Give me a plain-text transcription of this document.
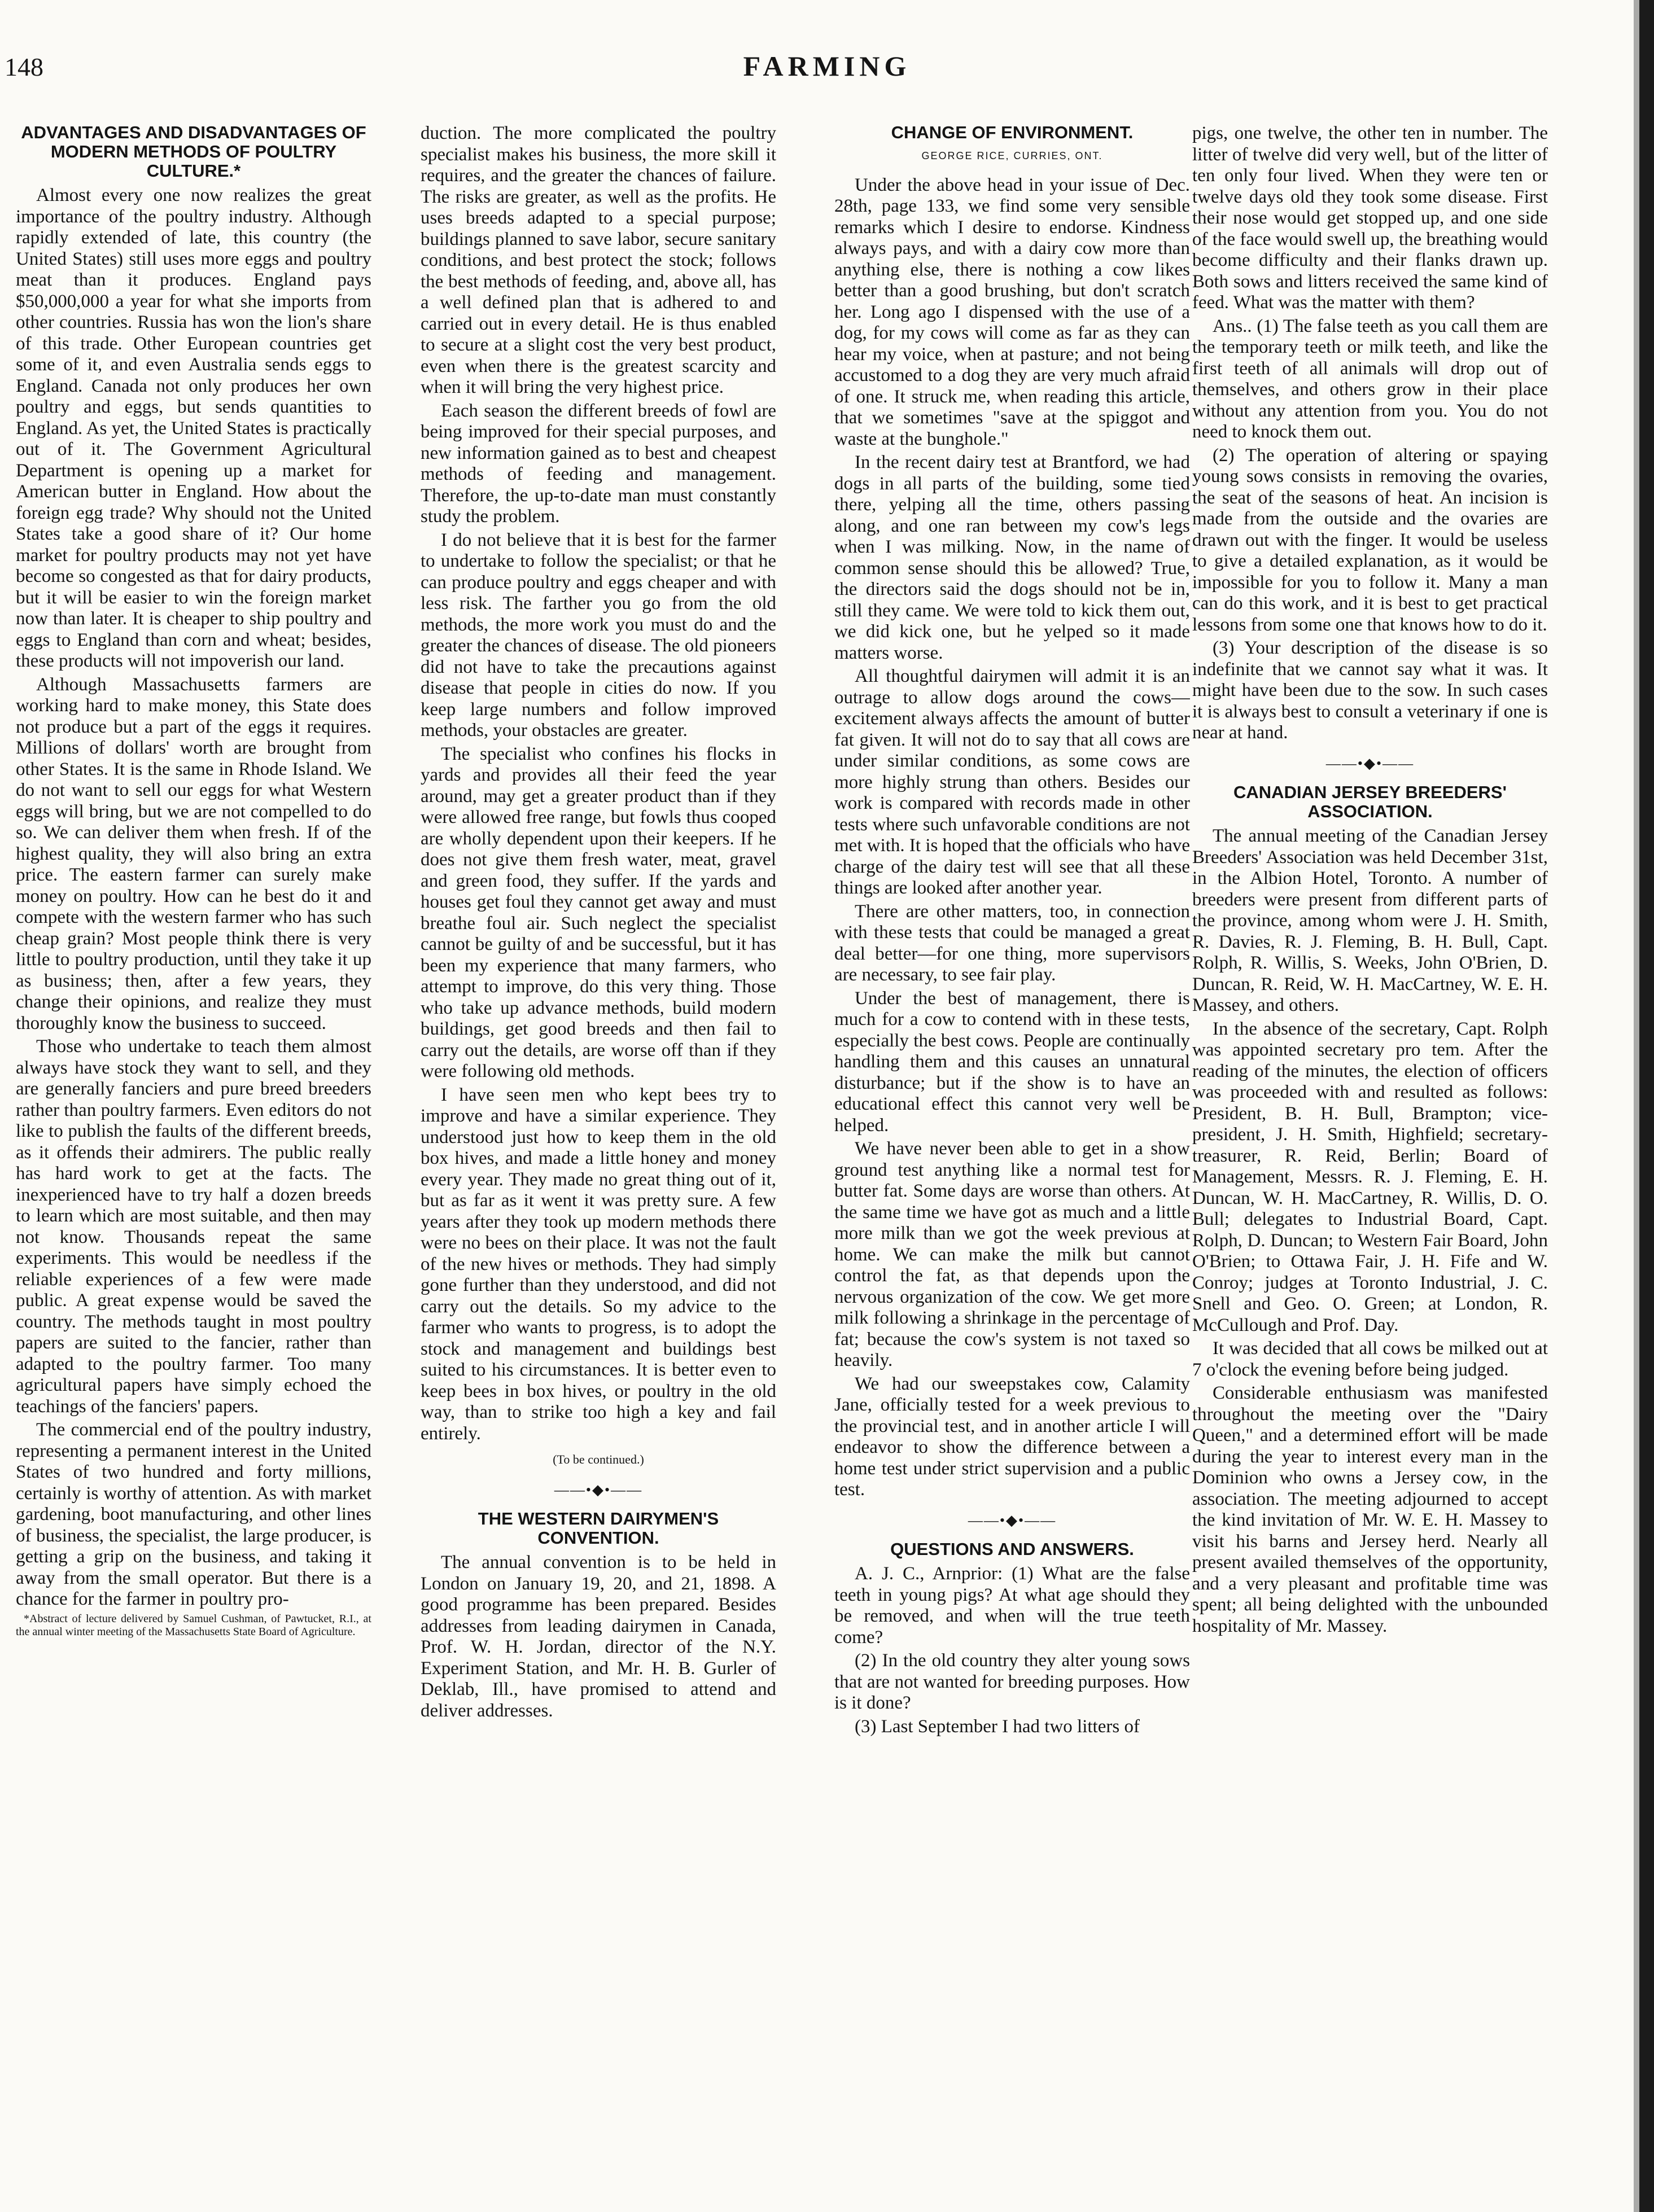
148	FARMING
ADVANTAGES AND DISADVANTAGES OF MODERN METHODS OF POULTRY CULTURE.*

Almost every one now realizes the great importance of the poultry industry. Although rapidly extended of late, this country (the United States) still uses more eggs and poultry meat than it produces. England pays $50,000,000 a year for what she imports from other countries. Russia has won the lion's share of this trade. Other European countries get some of it, and even Australia sends eggs to England. Canada not only produces her own poultry and eggs, but sends quantities to England. As yet, the United States is practically out of it. The Government Agricultural Department is opening up a market for American butter in England. How about the foreign egg trade? Why should not the United States take a good share of it? Our home market for poultry products may not yet have become so congested as that for dairy products, but it will be easier to win the foreign market now than later. It is cheaper to ship poultry and eggs to England than corn and wheat; besides, these products will not impoverish our land.

Although Massachusetts farmers are working hard to make money, this State does not produce but a part of the eggs it requires. Millions of dollars' worth are brought from other States. It is the same in Rhode Island. We do not want to sell our eggs for what Western eggs will bring, but we are not compelled to do so. We can deliver them when fresh. If of the highest quality, they will also bring an extra price. The eastern farmer can surely make money on poultry. How can he best do it and compete with the western farmer who has such cheap grain? Most people think there is very little to poultry production, until they take it up as business; then, after a few years, they change their opinions, and realize they must thoroughly know the business to succeed.

Those who undertake to teach them almost always have stock they want to sell, and they are generally fanciers and pure breed breeders rather than poultry farmers. Even editors do not like to publish the faults of the different breeds, as it offends their admirers. The public really has hard work to get at the facts. The inexperienced have to try half a dozen breeds to learn which are most suitable, and then may not know. Thousands repeat the same experiments. This would be needless if the reliable experiences of a few were made public. A great expense would be saved the country. The methods taught in most poultry papers are suited to the fancier, rather than adapted to the poultry farmer. Too many agricultural papers have simply echoed the teachings of the fanciers' papers.

The commercial end of the poultry industry, representing a permanent interest in the United States of two hundred and forty millions, certainly is worthy of attention. As with market gardening, boot manufacturing, and other lines of business, the specialist, the large producer, is getting a grip on the business, and taking it away from the small operator. But there is a chance for the farmer in poultry pro-

*Abstract of lecture delivered by Samuel Cushman, of Pawtucket, R.I., at the annual winter meeting of the Massachusetts State Board of Agriculture.

duction. The more complicated the poultry specialist makes his business, the more skill it requires, and the greater the chances of failure. The risks are greater, as well as the profits. He uses breeds adapted to a special purpose; buildings planned to save labor, secure sanitary conditions, and best protect the stock; follows the best methods of feeding, and, above all, has a well defined plan that is adhered to and carried out in every detail. He is thus enabled to secure at a slight cost the very best product, even when there is the greatest scarcity and when it will bring the very highest price.

Each season the different breeds of fowl are being improved for their special purposes, and new information gained as to best and cheapest methods of feeding and management. Therefore, the up-to-date man must constantly study the problem.

I do not believe that it is best for the farmer to undertake to follow the specialist; or that he can produce poultry and eggs cheaper and with less risk. The farther you go from the old methods, the more work you must do and the greater the chances of disease. The old pioneers did not have to take the precautions against disease that people in cities do now. If you keep large numbers and follow improved methods, your obstacles are greater.

The specialist who confines his flocks in yards and provides all their feed the year around, may get a greater product than if they were allowed free range, but fowls thus cooped are wholly dependent upon their keepers. If he does not give them fresh water, meat, gravel and green food, they suffer. If the yards and houses get foul they cannot get away and must breathe foul air. Such neglect the specialist cannot be guilty of and be successful, but it has been my experience that many farmers, who attempt to improve, do this very thing. Those who take up advance methods, build modern buildings, get good breeds and then fail to carry out the details, are worse off than if they were following old methods.

I have seen men who kept bees try to improve and have a similar experience. They understood just how to keep them in the old box hives, and made a little honey and money every year. They made no great thing out of it, but as far as it went it was pretty sure. A few years after they took up modern methods there were no bees on their place. It was not the fault of the new hives or methods. They had simply gone further than they understood, and did not carry out the details. So my advice to the farmer who wants to progress, is to adopt the stock and management and buildings best suited to his circumstances. It is better even to keep bees in box hives, or poultry in the old way, than to strike too high a key and fail entirely.

(To be continued.)
——•◆•——
THE WESTERN DAIRYMEN'S CONVENTION.

The annual convention is to be held in London on January 19, 20, and 21, 1898. A good programme has been prepared. Besides addresses from leading dairymen in Canada, Prof. W. H. Jordan, director of the N.Y. Experiment Station, and Mr. H. B. Gurler of Deklab, Ill., have promised to attend and deliver addresses.

CHANGE OF ENVIRONMENT.
GEORGE RICE, CURRIES, ONT.

Under the above head in your issue of Dec. 28th, page 133, we find some very sensible remarks which I desire to endorse. Kindness always pays, and with a dairy cow more than anything else, there is nothing a cow likes better than a good brushing, but don't scratch her. Long ago I dispensed with the use of a dog, for my cows will come as far as they can hear my voice, when at pasture; and not being accustomed to a dog they are very much afraid of one. It struck me, when reading this article, that we sometimes "save at the spiggot and waste at the bunghole."

In the recent dairy test at Brantford, we had dogs in all parts of the building, some tied there, yelping all the time, others passing along, and one ran between my cow's legs when I was milking. Now, in the name of common sense should this be allowed? True, the directors said the dogs should not be in, still they came. We were told to kick them out, we did kick one, but he yelped so it made matters worse.

All thoughtful dairymen will admit it is an outrage to allow dogs around the cows—excitement always affects the amount of butter fat given. It will not do to say that all cows are under similar conditions, as some cows are more highly strung than others. Besides our work is compared with records made in other tests where such unfavorable conditions are not met with. It is hoped that the officials who have charge of the dairy test will see that all these things are looked after another year.

There are other matters, too, in connection with these tests that could be managed a great deal better—for one thing, more supervisors are necessary, to see fair play.

Under the best of management, there is much for a cow to contend with in these tests, especially the best cows. People are continually handling them and this causes an unnatural disturbance; but if the show is to have an educational effect this cannot very well be helped.

We have never been able to get in a show ground test anything like a normal test for butter fat. Some days are worse than others. At the same time we have got as much and a little more milk than we got the week previous at home. We can make the milk but cannot control the fat, as that depends upon the nervous organization of the cow. We get more milk following a shrinkage in the percentage of fat; because the cow's system is not taxed so heavily.

We had our sweepstakes cow, Calamity Jane, officially tested for a week previous to the provincial test, and in another article I will endeavor to show the difference between a home test under strict supervision and a public test.

——•◆•——
QUESTIONS AND ANSWERS.

A. J. C., Arnprior: (1) What are the false teeth in young pigs? At what age should they be removed, and when will the true teeth come?

(2) In the old country they alter young sows that are not wanted for breeding purposes. How is it done?

(3) Last September I had two litters of

pigs, one twelve, the other ten in number. The litter of twelve did very well, but of the litter of ten only four lived. When they were ten or twelve days old they took some disease. First their nose would get stopped up, and one side of the face would swell up, the breathing would become difficulty and their flanks drawn up. Both sows and litters received the same kind of feed. What was the matter with them?

Ans.. (1) The false teeth as you call them are the temporary teeth or milk teeth, and like the first teeth of all animals will drop out of themselves, and others grow in their place without any attention from you. You do not need to knock them out.

(2) The operation of altering or spaying young sows consists in removing the ovaries, the seat of the seasons of heat. An incision is made from the outside and the ovaries are drawn out with the finger. It would be useless to give a detailed explanation, as it would be impossible for you to follow it. Many a man can do this work, and it is best to get practical lessons from some one that knows how to do it.

(3) Your description of the disease is so indefinite that we cannot say what it was. It might have been due to the sow. In such cases it is always best to consult a veterinary if one is near at hand.

——•◆•——
CANADIAN JERSEY BREEDERS' ASSOCIATION.

The annual meeting of the Canadian Jersey Breeders' Association was held December 31st, in the Albion Hotel, Toronto. A number of breeders were present from different parts of the province, among whom were J. H. Smith, R. Davies, R. J. Fleming, B. H. Bull, Capt. Rolph, R. Willis, S. Weeks, John O'Brien, D. Duncan, R. Reid, W. H. MacCartney, W. E. H. Massey, and others.

In the absence of the secretary, Capt. Rolph was appointed secretary pro tem. After the reading of the minutes, the election of officers was proceeded with and resulted as follows: President, B. H. Bull, Brampton; vice-president, J. H. Smith, Highfield; secretary-treasurer, R. Reid, Berlin; Board of Management, Messrs. R. J. Fleming, E. H. Duncan, W. H. MacCartney, R. Willis, D. O. Bull; delegates to Industrial Board, Capt. Rolph, D. Duncan; to Western Fair Board, John O'Brien; to Ottawa Fair, J. H. Fife and W. Conroy; judges at Toronto Industrial, J. C. Snell and Geo. O. Green; at London, R. McCullough and Prof. Day.

It was decided that all cows be milked out at 7 o'clock the evening before being judged.

Considerable enthusiasm was manifested throughout the meeting over the "Dairy Queen," and a determined effort will be made during the year to interest every man in the Dominion who owns a Jersey cow, in the association. The meeting adjourned to accept the kind invitation of Mr. W. E. H. Massey to visit his barns and Jersey herd. Nearly all present availed themselves of the opportunity, and a very pleasant and profitable time was spent; all being delighted with the unbounded hospitality of Mr. Massey.
